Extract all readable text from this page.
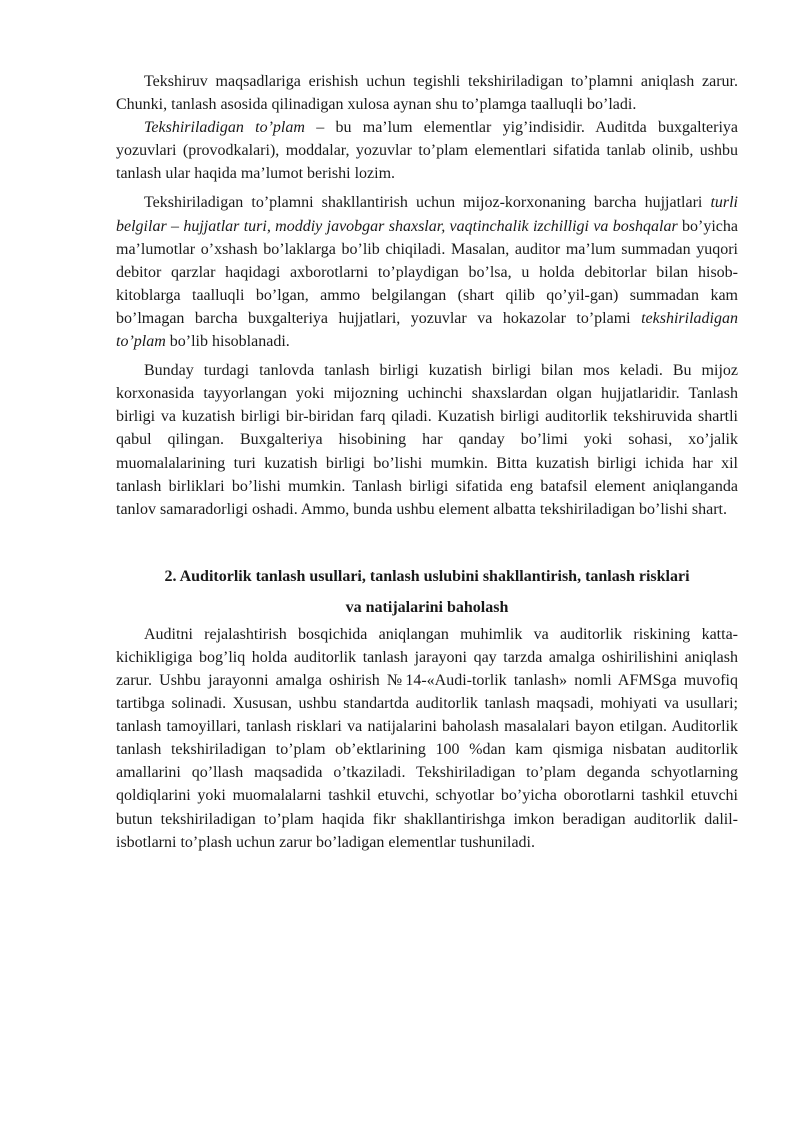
Tekshiruv maqsadlariga erishish uchun tegishli tekshiriladigan to’plamni aniqlash zarur. Chunki, tanlash asosida qilinadigan xulosa aynan shu to’plamga taalluqli bo’ladi.

Tekshiriladigan to’plam – bu ma’lum elementlar yig’indisidir. Auditda buxgalteriya yozuvlari (provodkalari), moddalar, yozuvlar to’plam elementlari sifatida tanlab olinib, ushbu tanlash ular haqida ma’lumot berishi lozim.

Tekshiriladigan to’plamni shakllantirish uchun mijoz-korxonaning barcha hujjatlari turli belgilar – hujjatlar turi, moddiy javobgar shaxslar, vaqtinchalik izchilligi va boshqalar bo’yicha ma’lumotlar o’xshash bo’laklarga bo’lib chiqiladi. Masalan, auditor ma’lum summadan yuqori debitor qarzlar haqidagi axborotlarni to’playdigan bo’lsa, u holda debitorlar bilan hisob-kitoblarga taalluqli bo’lgan, ammo belgilangan (shart qilib qo’yil-gan) summadan kam bo’lmagan barcha buxgalteriya hujjatlari, yozuvlar va hokazolar to’plami tekshiriladigan to’plam bo’lib hisoblanadi.

Bunday turdagi tanlovda tanlash birligi kuzatish birligi bilan mos keladi. Bu mijoz korxonasida tayyorlangan yoki mijozning uchinchi shaxslardan olgan hujjatlaridir. Tanlash birligi va kuzatish birligi bir-biridan farq qiladi. Kuzatish birligi auditorlik tekshiruvida shartli qabul qilingan. Buxgalteriya hisobining har qanday bo’limi yoki sohasi, xo’jalik muomalalarining turi kuzatish birligi bo’lishi mumkin. Bitta kuzatish birligi ichida har xil tanlash birliklari bo’lishi mumkin. Tanlash birligi sifatida eng batafsil element aniqlanganda tanlov samaradorligi oshadi. Ammo, bunda ushbu element albatta tekshiriladigan bo’lishi shart.

2. Auditorlik tanlash usullari, tanlash uslubini shakllantirish, tanlash risklari
va natijalarini baholash

Auditni rejalashtirish bosqichida aniqlangan muhimlik va auditorlik riskining katta-kichikligiga bog’liq holda auditorlik tanlash jarayoni qay tarzda amalga oshirilishini aniqlash zarur. Ushbu jarayonni amalga oshirish №14-«Audi-torlik tanlash» nomli AFMSga muvofiq tartibga solinadi. Xususan, ushbu standartda auditorlik tanlash maqsadi, mohiyati va usullari; tanlash tamoyillari, tanlash risklari va natijalarini baholash masalalari bayon etilgan. Auditorlik tanlash tekshiriladigan to’plam ob’ektlarining 100 %dan kam qismiga nisbatan auditorlik amallarini qo’llash maqsadida o’tkaziladi. Tekshiriladigan to’plam deganda schyotlarning qoldiqlarini yoki muomalalarni tashkil etuvchi, schyotlar bo’yicha oborotlarni tashkil etuvchi butun tekshiriladigan to’plam haqida fikr shakllantirishga imkon beradigan auditorlik dalil-isbotlarni to’plash uchun zarur bo’ladigan elementlar tushuniladi.
